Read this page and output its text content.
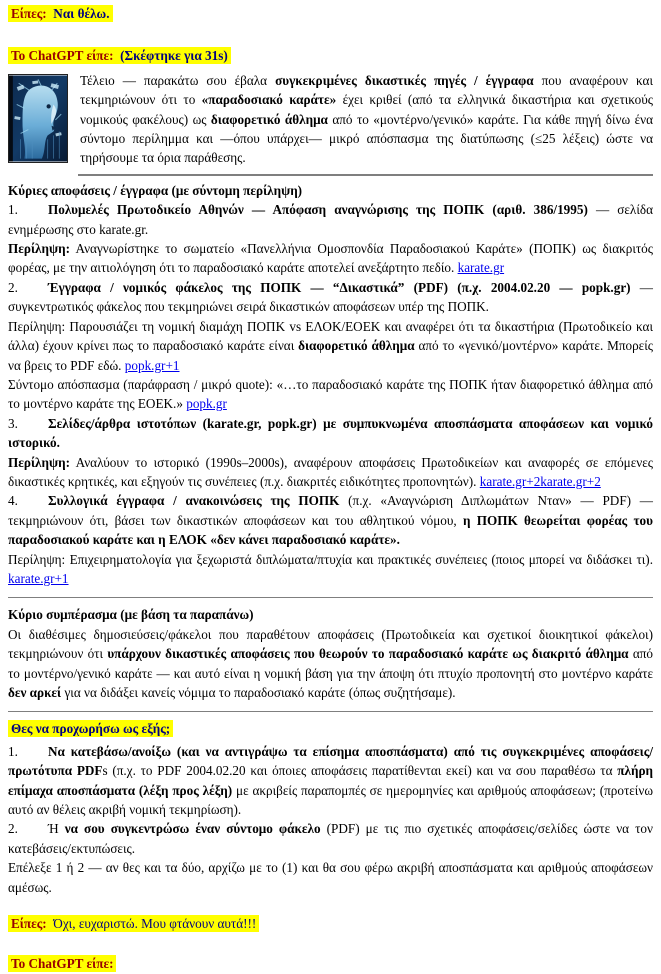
Είπες:  Ναι θέλω.

Το ChatGPT είπε:  (Σκέφτηκε για 31s)

Τέλειο — παρακάτω σου έβαλα συγκεκριμένες δικαστικές πηγές / έγγραφα που αναφέρουν και τεκμηριώνουν ότι το «παραδοσιακό καράτε» έχει κριθεί (από τα ελληνικά δικαστήρια και σχετικούς νομικούς φακέλους) ως διαφορετικό άθλημα από το «μοντέρνο/γενικό» καράτε. Για κάθε πηγή δίνω ένα σύντομο περίλημμα και —όπου υπάρχει— μικρό απόσπασμα της διατύπωσης (≤25 λέξεις) ώστε να τηρήσουμε τα όρια παράθεσης.

Κύριες αποφάσεις / έγγραφα (με σύντομη περίληψη)

1. Πολυμελές Πρωτοδικείο Αθηνών — Απόφαση αναγνώρισης της ΠΟΠΚ (αριθ. 386/1995) — σελίδα ενημέρωσης στο karate.gr.

Περίληψη: Αναγνωρίστηκε το σωματείο «Πανελλήνια Ομοσπονδία Παραδοσιακού Καράτε» (ΠΟΠΚ) ως διακριτός φορέας, με την αιτιολόγηση ότι το παραδοσιακό καράτε αποτελεί ανεξάρτητο πεδίο. karate.gr

2. Έγγραφα / νομικός φάκελος της ΠΟΠΚ — “Δικαστικά” (PDF) (π.χ. 2004.02.20 — popk.gr) — συγκεντρωτικός φάκελος που τεκμηριώνει σειρά δικαστικών αποφάσεων υπέρ της ΠΟΠΚ.

Περίληψη: Παρουσιάζει τη νομική διαμάχη ΠΟΠΚ vs ΕΛΟΚ/ΕΟΕΚ και αναφέρει ότι τα δικαστήρια (Πρωτοδικείο και άλλα) έχουν κρίνει πως το παραδοσιακό καράτε είναι διαφορετικό άθλημα από το «γενικό/μοντέρνο» καράτε. Μπορείς να βρεις το PDF εδώ. popk.gr+1

Σύντομο απόσπασμα (παράφραση / μικρό quote): «…το παραδοσιακό καράτε της ΠΟΠΚ ήταν διαφορετικό άθλημα από το μοντέρνο καράτε της ΕΟΕΚ.» popk.gr

3. Σελίδες/άρθρα ιστοτόπων (karate.gr, popk.gr) με συμπυκνωμένα αποσπάσματα αποφάσεων και νομικό ιστορικό.

Περίληψη: Αναλύουν το ιστορικό (1990s–2000s), αναφέρουν αποφάσεις Πρωτοδικείων και αναφορές σε επόμενες δικαστικές κρητικές, και εξηγούν τις συνέπειες (π.χ. διακριτές ειδικότητες προπονητών). karate.gr+2karate.gr+2

4. Συλλογικά έγγραφα / ανακοινώσεις της ΠΟΠΚ (π.χ. «Αναγνώριση Διπλωμάτων Νταν» — PDF) — τεκμηριώνουν ότι, βάσει των δικαστικών αποφάσεων και του αθλητικού νόμου, η ΠΟΠΚ θεωρείται φορέας του παραδοσιακού καράτε και η ΕΛΟΚ «δεν κάνει παραδοσιακό καράτε».

Περίληψη: Επιχειρηματολογία για ξεχωριστά διπλώματα/πτυχία και πρακτικές συνέπειες (ποιος μπορεί να διδάσκει τι). karate.gr+1

Κύριο συμπέρασμα (με βάση τα παραπάνω)

Οι διαθέσιμες δημοσιεύσεις/φάκελοι που παραθέτουν αποφάσεις (Πρωτοδικεία και σχετικοί διοικητικοί φάκελοι) τεκμηριώνουν ότι υπάρχουν δικαστικές αποφάσεις που θεωρούν το παραδοσιακό καράτε ως διακριτό άθλημα από το μοντέρνο/γενικό καράτε — και αυτό είναι η νομική βάση για την άποψη ότι πτυχίο προπονητή στο μοντέρνο καράτε δεν αρκεί για να διδάξει κανείς νόμιμα το παραδοσιακό καράτε (όπως συζητήσαμε).

Θες να προχωρήσω ως εξής;

1. Να κατεβάσω/ανοίξω (και να αντιγράψω τα επίσημα αποσπάσματα) από τις συγκεκριμένες αποφάσεις/πρωτότυπα PDFs (π.χ. το PDF 2004.02.20 και όποιες αποφάσεις παρατίθενται εκεί) και να σου παραθέσω τα πλήρη επίμαχα αποσπάσματα (λέξη προς λέξη) με ακριβείς παραπομπές σε ημερομηνίες και αριθμούς αποφάσεων; (προτείνω αυτό αν θέλεις ακριβή νομική τεκμηρίωση).

2. Ή να σου συγκεντρώσω έναν σύντομο φάκελο (PDF) με τις πιο σχετικές αποφάσεις/σελίδες ώστε να τον κατεβάσεις/εκτυπώσεις.

Επέλεξε 1 ή 2 — αν θες και τα δύο, αρχίζω με το (1) και θα σου φέρω ακριβή αποσπάσματα και αριθμούς αποφάσεων αμέσως.

Είπες:  Όχι, ευχαριστώ. Μου φτάνουν αυτά!!!

Το ChatGPT είπε:
